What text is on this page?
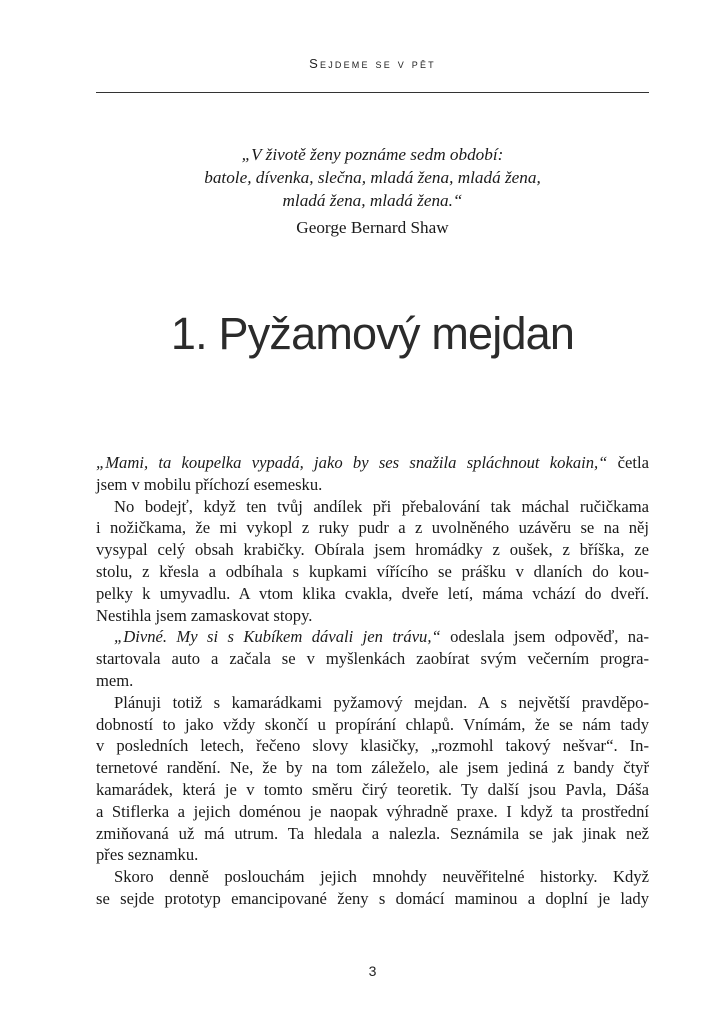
Sejdeme se v pět
„V životě ženy poznáme sedm období:
batole, dívenka, slečna, mladá žena, mladá žena,
mladá žena, mladá žena.“
George Bernard Shaw
1. Pyžamový mejdan
„Mami, ta koupelka vypadá, jako by ses snažila spláchnout kokain,“ četla
jsem v mobilu příchozí esemesku.
No bodejť, když ten tvůj andílek při přebalování tak máchal ručičkama
i nožičkama, že mi vykopl z ruky pudr a z uvolněného uzávěru se na něj
vysypal celý obsah krabičky. Obírala jsem hromádky z oušek, z bříška, ze
stolu, z křesla a odbíhala s kupkami vířícího se prášku v dlaních do kou-
pelky k umyvadlu. A vtom klika cvakla, dveře letí, máma vchází do dveří.
Nestihla jsem zamaskovat stopy.
„Divné. My si s Kubíkem dávali jen trávu,“ odeslala jsem odpověď, na-
startovala auto a začala se v myšlenkách zaobírat svým večerním progra-
mem.
Plánuji totiž s kamarádkami pyžamový mejdan. A s největší pravděpo-
dobností to jako vždy skončí u propírání chlapů. Vnímám, že se nám tady
v posledních letech, řečeno slovy klasičky, „rozmohl takový nešvar“. In-
ternetové randění. Ne, že by na tom záleželo, ale jsem jediná z bandy čtyř
kamarádek, která je v tomto směru čirý teoretik. Ty další jsou Pavla, Dáša
a Stiflerka a jejich doménou je naopak výhradně praxe. I když ta prostřední
zmiňovaná už má utrum. Ta hledala a nalezla. Seznámila se jak jinak než
přes seznamku.
Skoro denně poslouchám jejich mnohdy neuvěřitelné historky. Když
se sejde prototyp emancipované ženy s domácí maminou a doplní je lady
3
